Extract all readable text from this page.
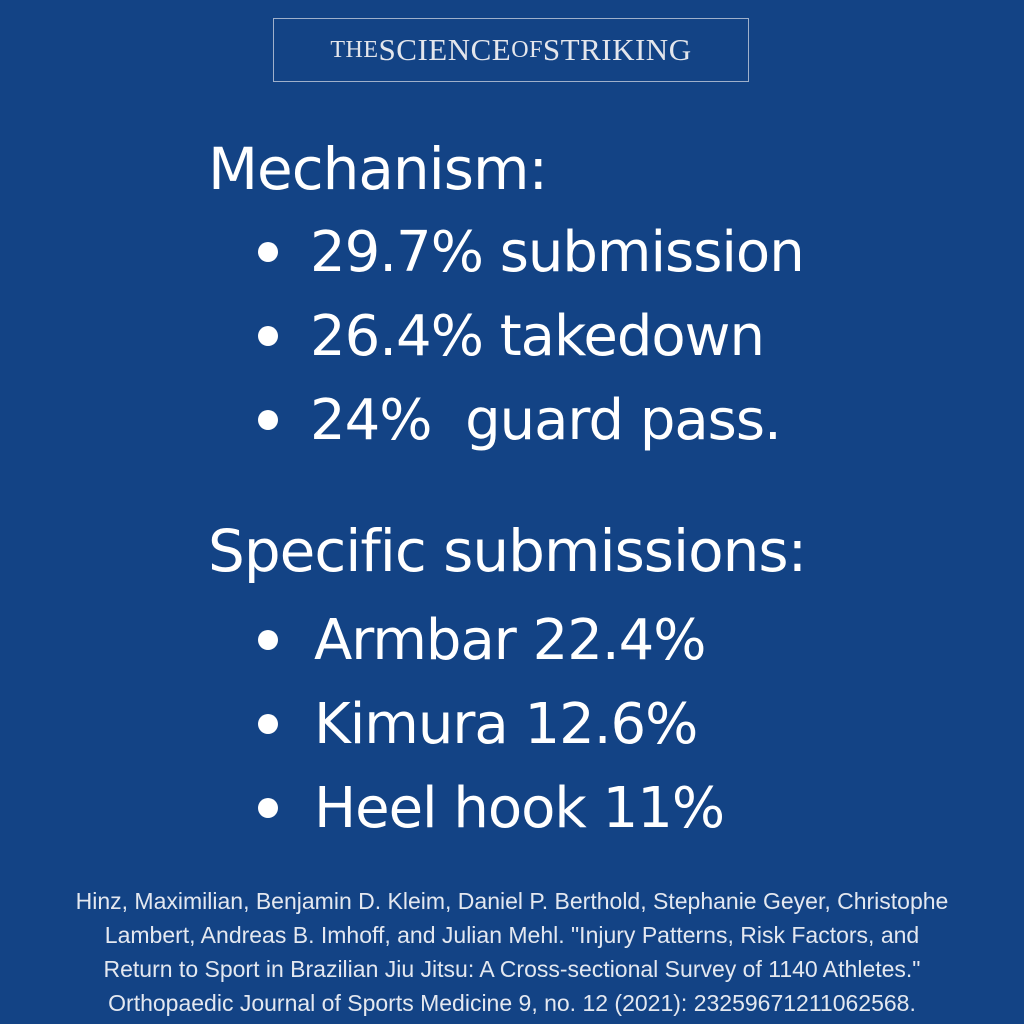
THE SCIENCE OF STRIKING
Mechanism:
29.7% submission
26.4% takedown
24%  guard pass.
Specific submissions:
Armbar 22.4%
Kimura 12.6%
Heel hook 11%
Hinz, Maximilian, Benjamin D. Kleim, Daniel P. Berthold, Stephanie Geyer, Christophe
Lambert, Andreas B. Imhoff, and Julian Mehl. "Injury Patterns, Risk Factors, and
Return to Sport in Brazilian Jiu Jitsu: A Cross-sectional Survey of 1140 Athletes."
Orthopaedic Journal of Sports Medicine 9, no. 12 (2021): 23259671211062568.
